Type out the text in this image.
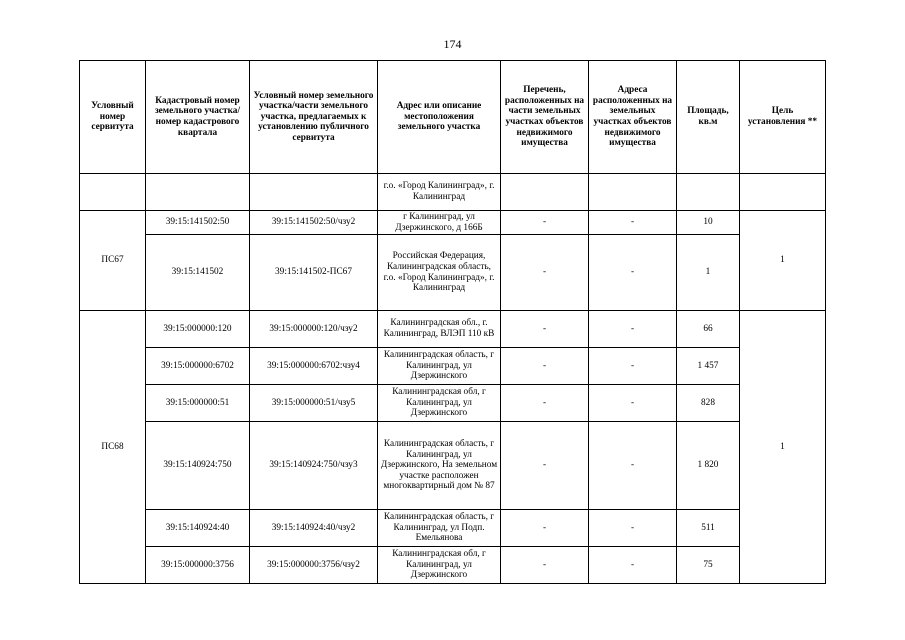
174
Условный номер сервитута	Кадастровый номер земельного участка/номер кадастрового квартала	Условный номер земельного участка/части земельного участка, предлагаемых к установлению публичного сервитута	Адрес или описание местоположения земельного участка	Перечень, расположенных на части земельных участках объектов недвижимого имущества	Адреса расположенных на земельных участках объектов недвижимого имущества	Площадь, кв.м	Цель установления **
			г.о. «Город Калининград», г. Калининград				
ПС67	39:15:141502:50	39:15:141502:50/чзу2	г Калининград, ул Дзержинского, д 166Б	-	-	10	1
	39:15:141502	39:15:141502-ПС67	Российская Федерация, Калининградская область, г.о. «Город Калининград», г. Калининград	-	-	1	
ПС68	39:15:000000:120	39:15:000000:120/чзу2	Калининградская обл., г. Калининград, ВЛЭП 110 кВ	-	-	66	1
	39:15:000000:6702	39:15:000000:6702:чзу4	Калининградская область, г Калининград, ул Дзержинского	-	-	1 457	
	39:15:000000:51	39:15:000000:51/чзу5	Калининградская обл, г Калининград, ул Дзержинского	-	-	828	
	39:15:140924:750	39:15:140924:750/чзу3	Калининградская область, г Калининград, ул Дзержинского, На земельном участке расположен многоквартирный дом № 87	-	-	1 820	
	39:15:140924:40	39:15:140924:40/чзу2	Калининградская область, г Калининград, ул Подп. Емельянова	-	-	511	
	39:15:000000:3756	39:15:000000:3756/чзу2	Калининградская обл, г Калининград, ул Дзержинского	-	-	75	
